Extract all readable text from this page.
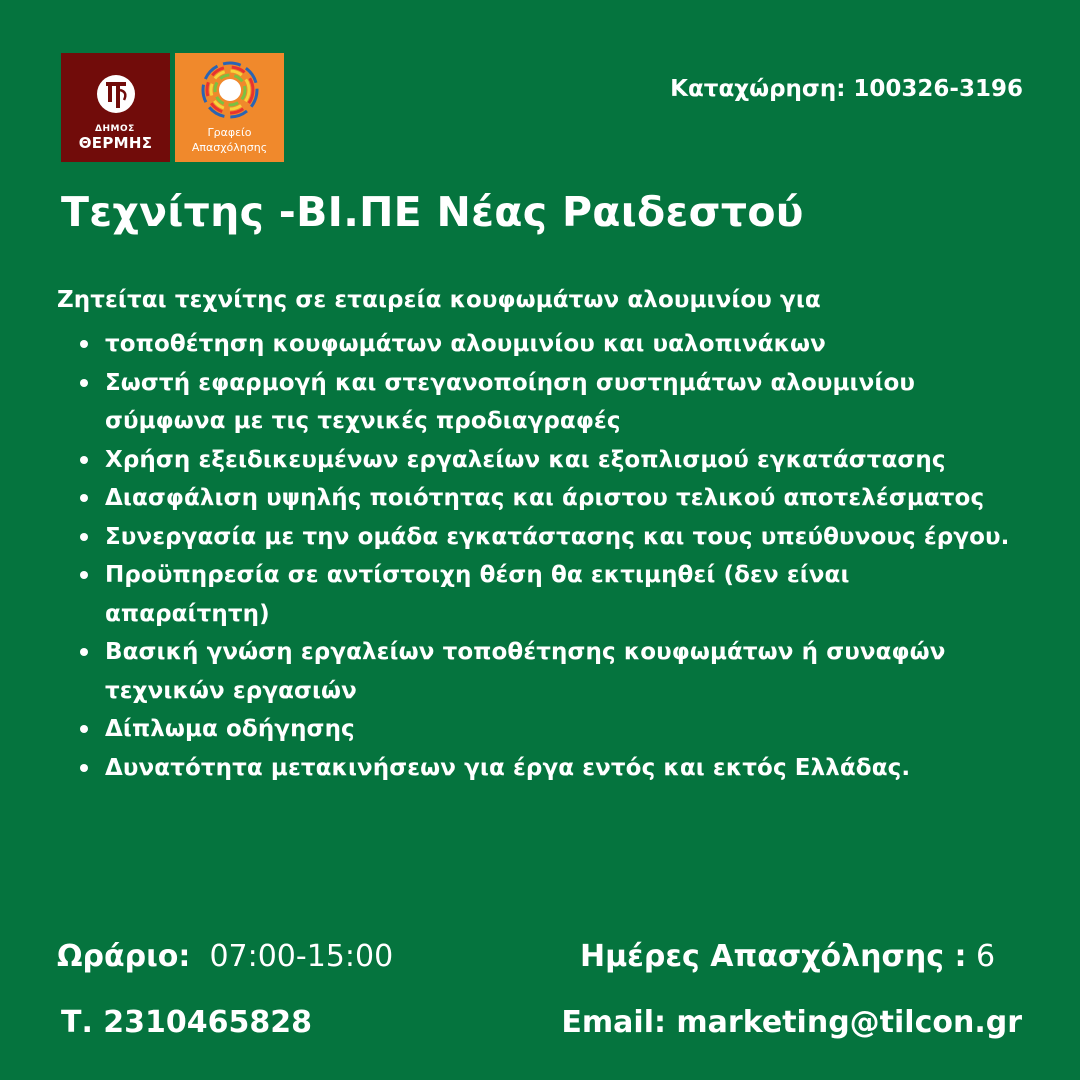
ΔΗΜΟΣ
ΘΕΡΜΗΣ
Γραφείο
Απασχόλησης
Καταχώρηση: 100326-3196
Τεχνίτης -ΒΙ.ΠΕ Νέας Ραιδεστού
Ζητείται τεχνίτης σε εταιρεία κουφωμάτων αλουμινίου για
τοποθέτηση κουφωμάτων αλουμινίου και υαλοπινάκων
Σωστή εφαρμογή και στεγανοποίηση συστημάτων αλουμινίου σύμφωνα με τις τεχνικές προδιαγραφές
Χρήση εξειδικευμένων εργαλείων και εξοπλισμού εγκατάστασης
Διασφάλιση υψηλής ποιότητας και άριστου τελικού αποτελέσματος
Συνεργασία με την ομάδα εγκατάστασης και τους υπεύθυνους έργου.
Προϋπηρεσία σε αντίστοιχη θέση θα εκτιμηθεί (δεν είναι απαραίτητη)
Βασική γνώση εργαλείων τοποθέτησης κουφωμάτων ή συναφών τεχνικών εργασιών
Δίπλωμα οδήγησης
Δυνατότητα μετακινήσεων για έργα εντός και εκτός Ελλάδας.
Ωράριο: 07:00-15:00	Ημέρες Απασχόλησης : 6
Τ. 2310465828	Email: marketing@tilcon.gr
